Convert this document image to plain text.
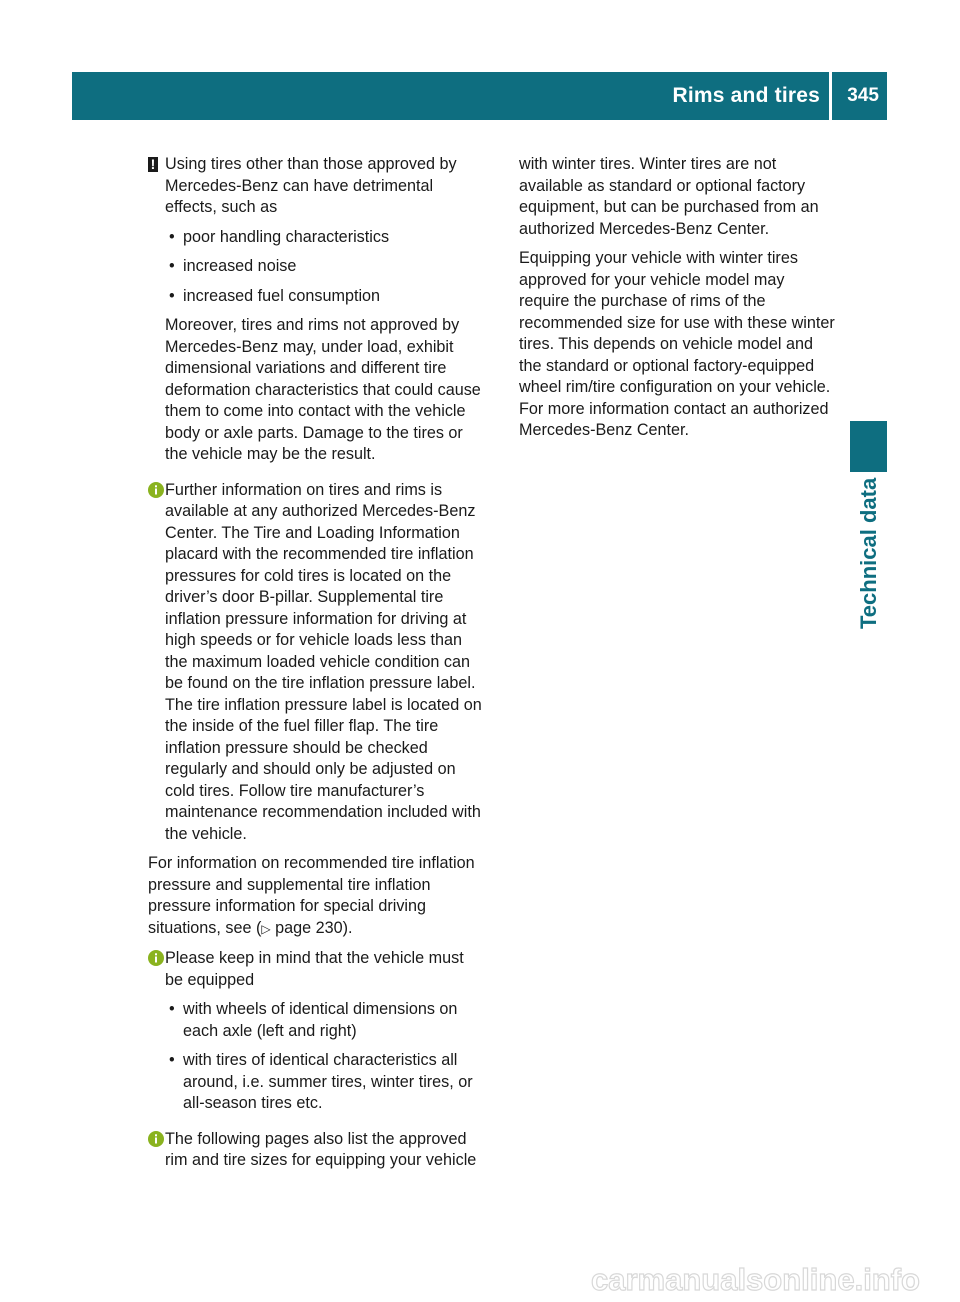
Rims and tires 345
Technical data
! Using tires other than those approved by Mercedes-Benz can have detrimental effects, such as

• poor handling characteristics
• increased noise
• increased fuel consumption

Moreover, tires and rims not approved by Mercedes-Benz may, under load, exhibit dimensional variations and different tire deformation characteristics that could cause them to come into contact with the vehicle body or axle parts. Damage to the tires or the vehicle may be the result.

Further information on tires and rims is available at any authorized Mercedes-Benz Center. The Tire and Loading Information placard with the recommended tire inflation pressures for cold tires is located on the driver’s door B-pillar. Supplemental tire inflation pressure information for driving at high speeds or for vehicle loads less than the maximum loaded vehicle condition can be found on the tire inflation pressure label. The tire inflation pressure label is located on the inside of the fuel filler flap. The tire inflation pressure should be checked regularly and should only be adjusted on cold tires. Follow tire manufacturer’s maintenance recommendation included with the vehicle.

For information on recommended tire inflation pressure and supplemental tire inflation pressure information for special driving situations, see (▷ page 230).

Please keep in mind that the vehicle must be equipped

• with wheels of identical dimensions on each axle (left and right)
• with tires of identical characteristics all around, i.e. summer tires, winter tires, or all-season tires etc.

The following pages also list the approved rim and tire sizes for equipping your vehicle

with winter tires. Winter tires are not available as standard or optional factory equipment, but can be purchased from an authorized Mercedes-Benz Center.

Equipping your vehicle with winter tires approved for your vehicle model may require the purchase of rims of the recommended size for use with these winter tires. This depends on vehicle model and the standard or optional factory-equipped wheel rim/tire configuration on your vehicle. For more information contact an authorized Mercedes-Benz Center.

carmanualsonline.info
